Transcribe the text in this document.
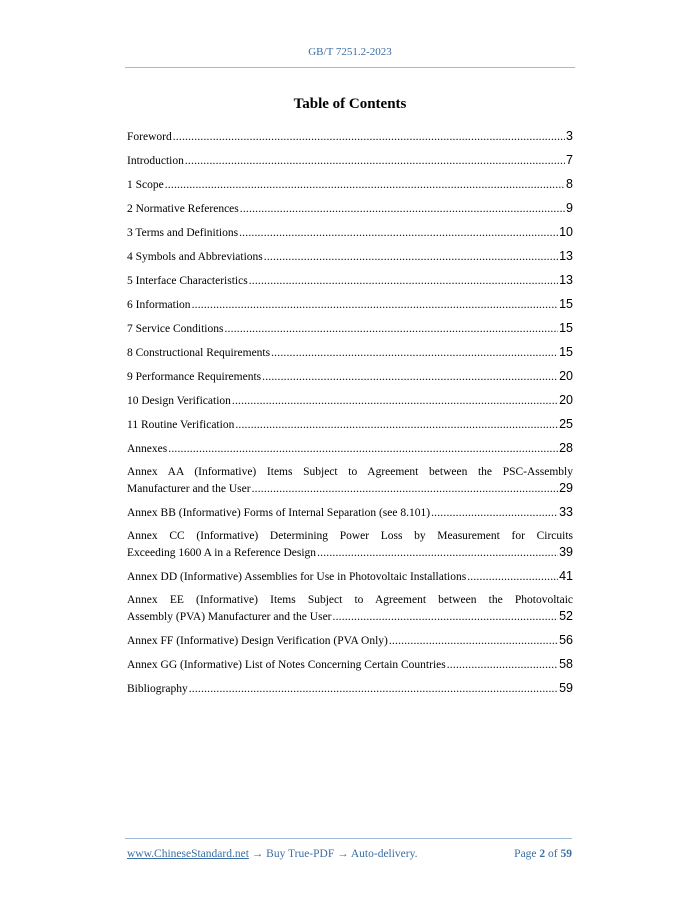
GB/T 7251.2-2023
Table of Contents
Foreword .....	3
Introduction .....	7
1 Scope .....	8
2 Normative References .....	9
3 Terms and Definitions .....	10
4 Symbols and Abbreviations .....	13
5 Interface Characteristics .....	13
6 Information .....	15
7 Service Conditions .....	15
8 Constructional Requirements .....	15
9 Performance Requirements .....	20
10 Design Verification .....	20
11 Routine Verification .....	25
Annexes .....	28
Annex AA (Informative) Items Subject to Agreement between the PSC-Assembly
Manufacturer and the User .....	29
Annex BB (Informative) Forms of Internal Separation (see 8.101) .....	33
Annex CC (Informative) Determining Power Loss by Measurement for Circuits
Exceeding 1600 A in a Reference Design .....	39
Annex DD (Informative) Assemblies for Use in Photovoltaic Installations .....	41
Annex EE (Informative) Items Subject to Agreement between the Photovoltaic
Assembly (PVA) Manufacturer and the User .....	52
Annex FF (Informative) Design Verification (PVA Only) .....	56
Annex GG (Informative) List of Notes Concerning Certain Countries .....	58
Bibliography .....	59
www.ChineseStandard.net → Buy True-PDF → Auto-delivery.	Page 2 of 59
